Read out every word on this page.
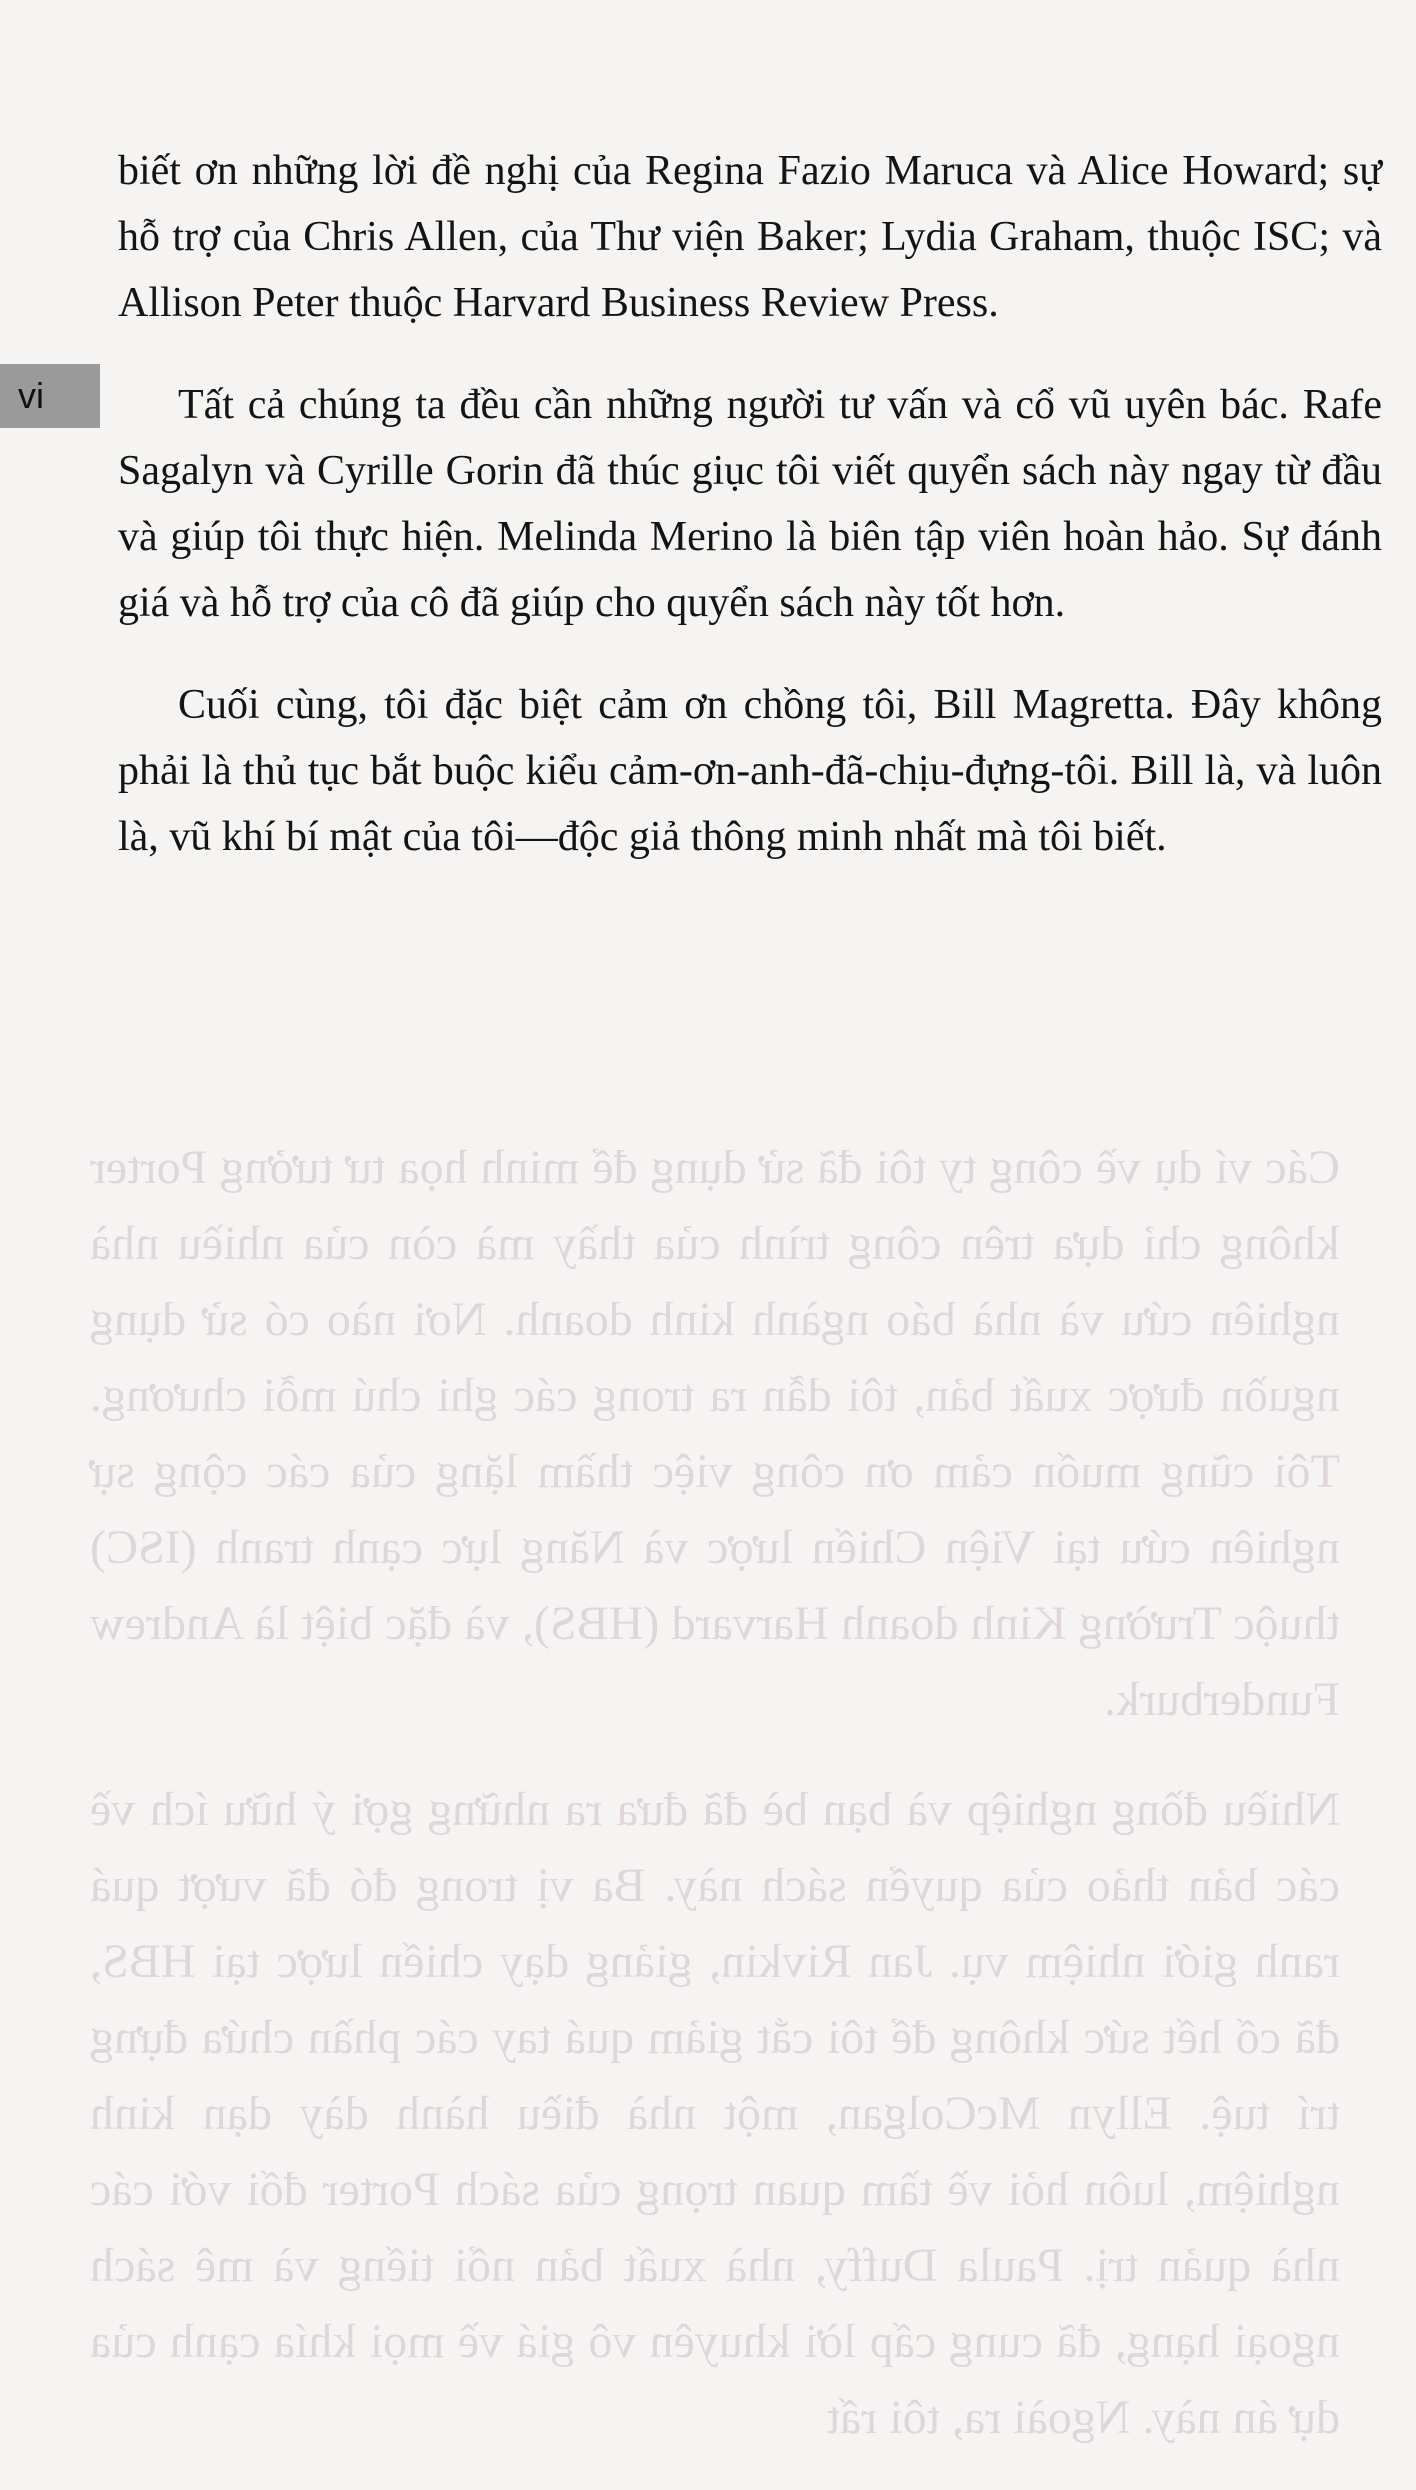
Các ví dụ về công ty tôi đã sử dụng để minh họa tư tưởng Porter không chỉ dựa trên công trình của thầy mà còn của nhiều nhà nghiên cứu và nhà báo ngành kinh doanh. Nơi nào có sử dụng nguồn được xuất bản, tôi dẫn ra trong các ghi chú mỗi chương. Tôi cũng muốn cảm ơn công việc thầm lặng của các cộng sự nghiên cứu tại Viện Chiến lược và Năng lực cạnh tranh (ISC) thuộc Trường Kinh doanh Harvard (HBS), và đặc biệt là Andrew Funderburk.

Nhiều đồng nghiệp và bạn bè đã đưa ra những gợi ý hữu ích về các bản thảo của quyển sách này. Ba vị trong đó đã vượt quá ranh giới nhiệm vụ. Jan Rivkin, giảng dạy chiến lược tại HBS, đã cố hết sức không để tôi cắt giảm quá tay các phần chứa đựng trí tuệ. Ellyn McColgan, một nhà điều hành dày dạn kinh nghiệm, luôn hỏi về tầm quan trọng của sách Porter đối với các nhà quản trị. Paula Duffy, nhà xuất bản nổi tiếng và mê sách ngoại hạng, đã cung cấp lời khuyên vô giá về mọi khía cạnh của dự án này. Ngoài ra, tôi rất

vi

biết ơn những lời đề nghị của Regina Fazio Maruca và Alice Howard; sự hỗ trợ của Chris Allen, của Thư viện Baker; Lydia Graham, thuộc ISC; và Allison Peter thuộc Harvard Business Review Press.

Tất cả chúng ta đều cần những người tư vấn và cổ vũ uyên bác. Rafe Sagalyn và Cyrille Gorin đã thúc giục tôi viết quyển sách này ngay từ đầu và giúp tôi thực hiện. Melinda Merino là biên tập viên hoàn hảo. Sự đánh giá và hỗ trợ của cô đã giúp cho quyển sách này tốt hơn.

Cuối cùng, tôi đặc biệt cảm ơn chồng tôi, Bill Magretta. Đây không phải là thủ tục bắt buộc kiểu cảm-ơn-anh-đã-chịu-đựng-tôi. Bill là, và luôn là, vũ khí bí mật của tôi—độc giả thông minh nhất mà tôi biết.
